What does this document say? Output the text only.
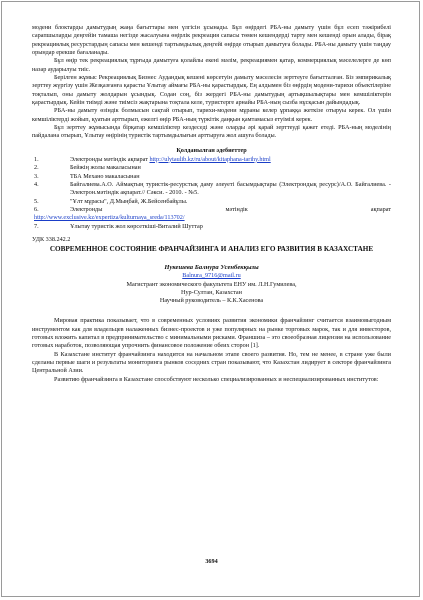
модени блоктарды дамытудың жаңа бағыттары мен үлгісін ұсынады. Бұл өңірдегі РБА-ны дамыту үшін бұл есеп тәжірибелі сарапшыларды деңгейін тамаша негізде жасалуына өңірлік рекреация сапасы төмен кешендерді тарту мен кешенді орын алады, бірақ рекреациялық ресурстардың сапасы мен кешенді тартымдылық деңгейі өңірде отырып дамытуға болады. РБА-ны дамыту үшін таңдау орындар ерекше бағаланады.

Бұл өңір тек рекреациялық тұрғыда дамытуға қолайлы екені мәлім, рекреациямен қатар, коммерциялық мәселелерге де көп назар аударылуы тиіс.

Берілген жұмыс Рекреациялық Бизнес Аудандық кешені көрсетуін дамыту мәселесін зерттеуге бағытталған. Біз эмпирикалық зерттеу жүргізу үшін Жезқазғанға қарасты Ұлытау аймағы РБА-ны қарастырдық. Ең алдымен біз өңірдің модени-тарихи объектілеріне тоқталып, оны дамыту жолдарын ұсындық. Содан соң, біз жердегі РБА-ны дамытудың артықшылықтары мен кемшіліктерін қарастырдық. Кейін тиімді және тиімсіз жақтарына тоқтала келе, туристерге арнайы РБА-ның сызба нұсқасын дайындадық.

РБА-ны дамыту өзіндік болмысын сақтай отырып, тарихи-модени мұраны келер ұрпаққа жеткізе отыруы керек. Ол үшін кемшіліктерді жойып, қуатын арттырып, ежелгі өңір РБА-ның түркітік даңқын қамтамасыз етуімізі керек.

Бұл зерттеу жұмысында бірқатар кемшіліктер кездеседі және оларды әрі қарай зерттеуді қажет етеді. РБА-ның моделінің пайдалана отырып, Ұлытау өңірінің туристік тартымдылығын арттыруға жол ашуға болады.

Қолданылған әдебиеттер
1.	Электронды мәтіндік ақпарат http://ulytaulib.kz/ru/about/kitaphana-tarihy.html
2.	Бейжің жолы макаласынан
3.	ТБА Механо макаласынан
4.	Байгалиева.А.О. Аймақтың туристік-ресурстық даму әлеуеті басымдықтары (Электрондық ресурс)/А.О. Байгалиева. - Электрон.мәтіндік ақпарат.// Сәкси. - 2010. - №5.
5.	"Ұлт мұрасы", Д.Мыңбай, Ж.Бейсенбайұлы.
6.	Электронды	мәтіндік	ақпарат
http://www.exclusive.kz/expertiza/kulturnaya_sreda/113702/
7.	Ұлытау туристік жол көрсеткіші-Виталий Шуттар
УДК 338.242.2
СОВРЕМЕННОЕ СОСТОЯНИЕ ФРАНЧАЙЗИНГА И АНАЛИЗ ЕГО РАЗВИТИЯ В КАЗАХСТАНЕ
Нукешева Балнура Усенбекқызы
Balnura_9716@mail.ru
Магистрант экономического факультета ЕНУ им. Л.Н.Гумилева,
Нур-Султан, Казахстан
Научный руководитель – К.К.Хасенова

Мировая практика показывает, что в современных условиях развития экономики франчайзинг считается взаимовыгодным инструментом как для владельцев налаженных бизнес-проектов и уже популярных на рынке торговых марок, так и для инвесторов, готовых вложить капитал в предпринимательство с минимальными рисками. Франшиза – это своеобразная лицензия на использование готовых наработок, позволяющая упрочнить финансовое положение обеих сторон [1].

В Казахстане институт франчайзинга находится на начальном этапе своего развития. Но, тем не менее, в стране уже были сделаны первые шаги и результаты мониторинга рынков соседних стран показывают, что Казахстан лидирует в секторе франчайзинга Центральной Азии.

Развитию франчайзинга в Казахстане способствуют несколько специализированных и неспециализированных институтов:

3694
